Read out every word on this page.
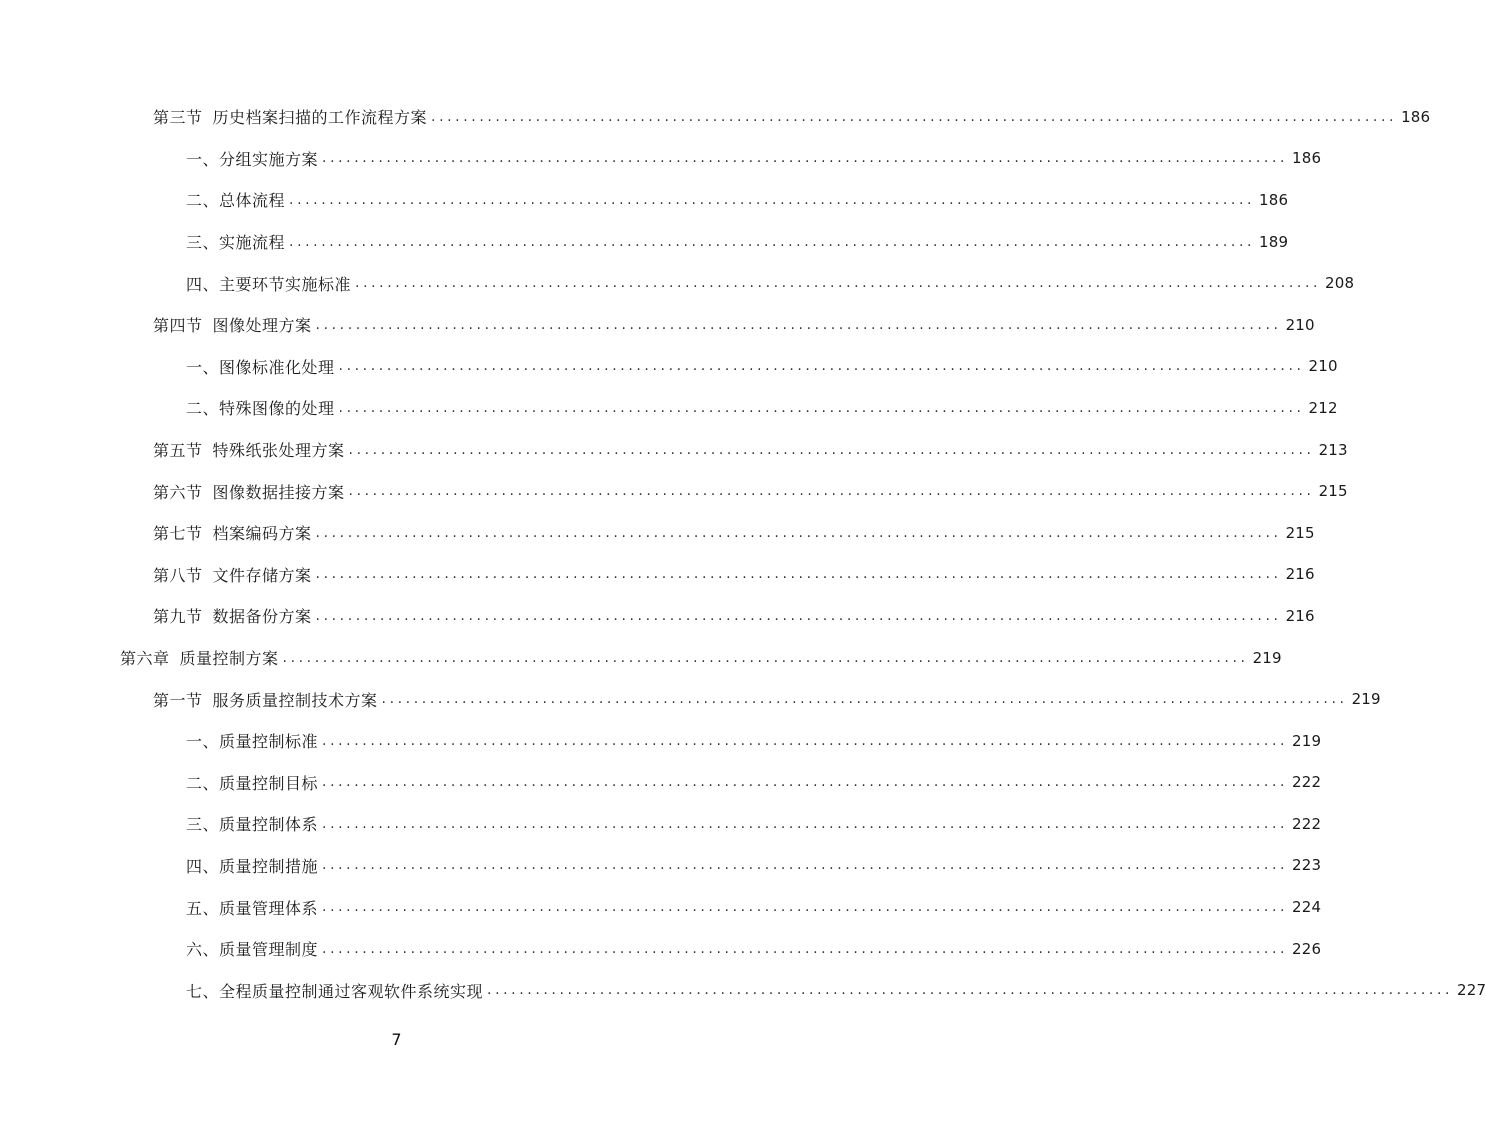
第三节 历史档案扫描的工作流程方案 ........................................................................................................................ 186
一、分组实施方案 ........................................................................................................................ 186
二、总体流程 ........................................................................................................................ 186
三、实施流程 ........................................................................................................................ 189
四、主要环节实施标准 ........................................................................................................................ 208
第四节 图像处理方案 ........................................................................................................................ 210
一、图像标准化处理 ........................................................................................................................ 210
二、特殊图像的处理 ........................................................................................................................ 212
第五节 特殊纸张处理方案 ........................................................................................................................ 213
第六节 图像数据挂接方案 ........................................................................................................................ 215
第七节 档案编码方案 ........................................................................................................................ 215
第八节 文件存储方案 ........................................................................................................................ 216
第九节 数据备份方案 ........................................................................................................................ 216
第六章 质量控制方案 ........................................................................................................................ 219
第一节 服务质量控制技术方案 ........................................................................................................................ 219
一、质量控制标准 ........................................................................................................................ 219
二、质量控制目标 ........................................................................................................................ 222
三、质量控制体系 ........................................................................................................................ 222
四、质量控制措施 ........................................................................................................................ 223
五、质量管理体系 ........................................................................................................................ 224
六、质量管理制度 ........................................................................................................................ 226
七、全程质量控制通过客观软件系统实现 ........................................................................................................................ 227
7
